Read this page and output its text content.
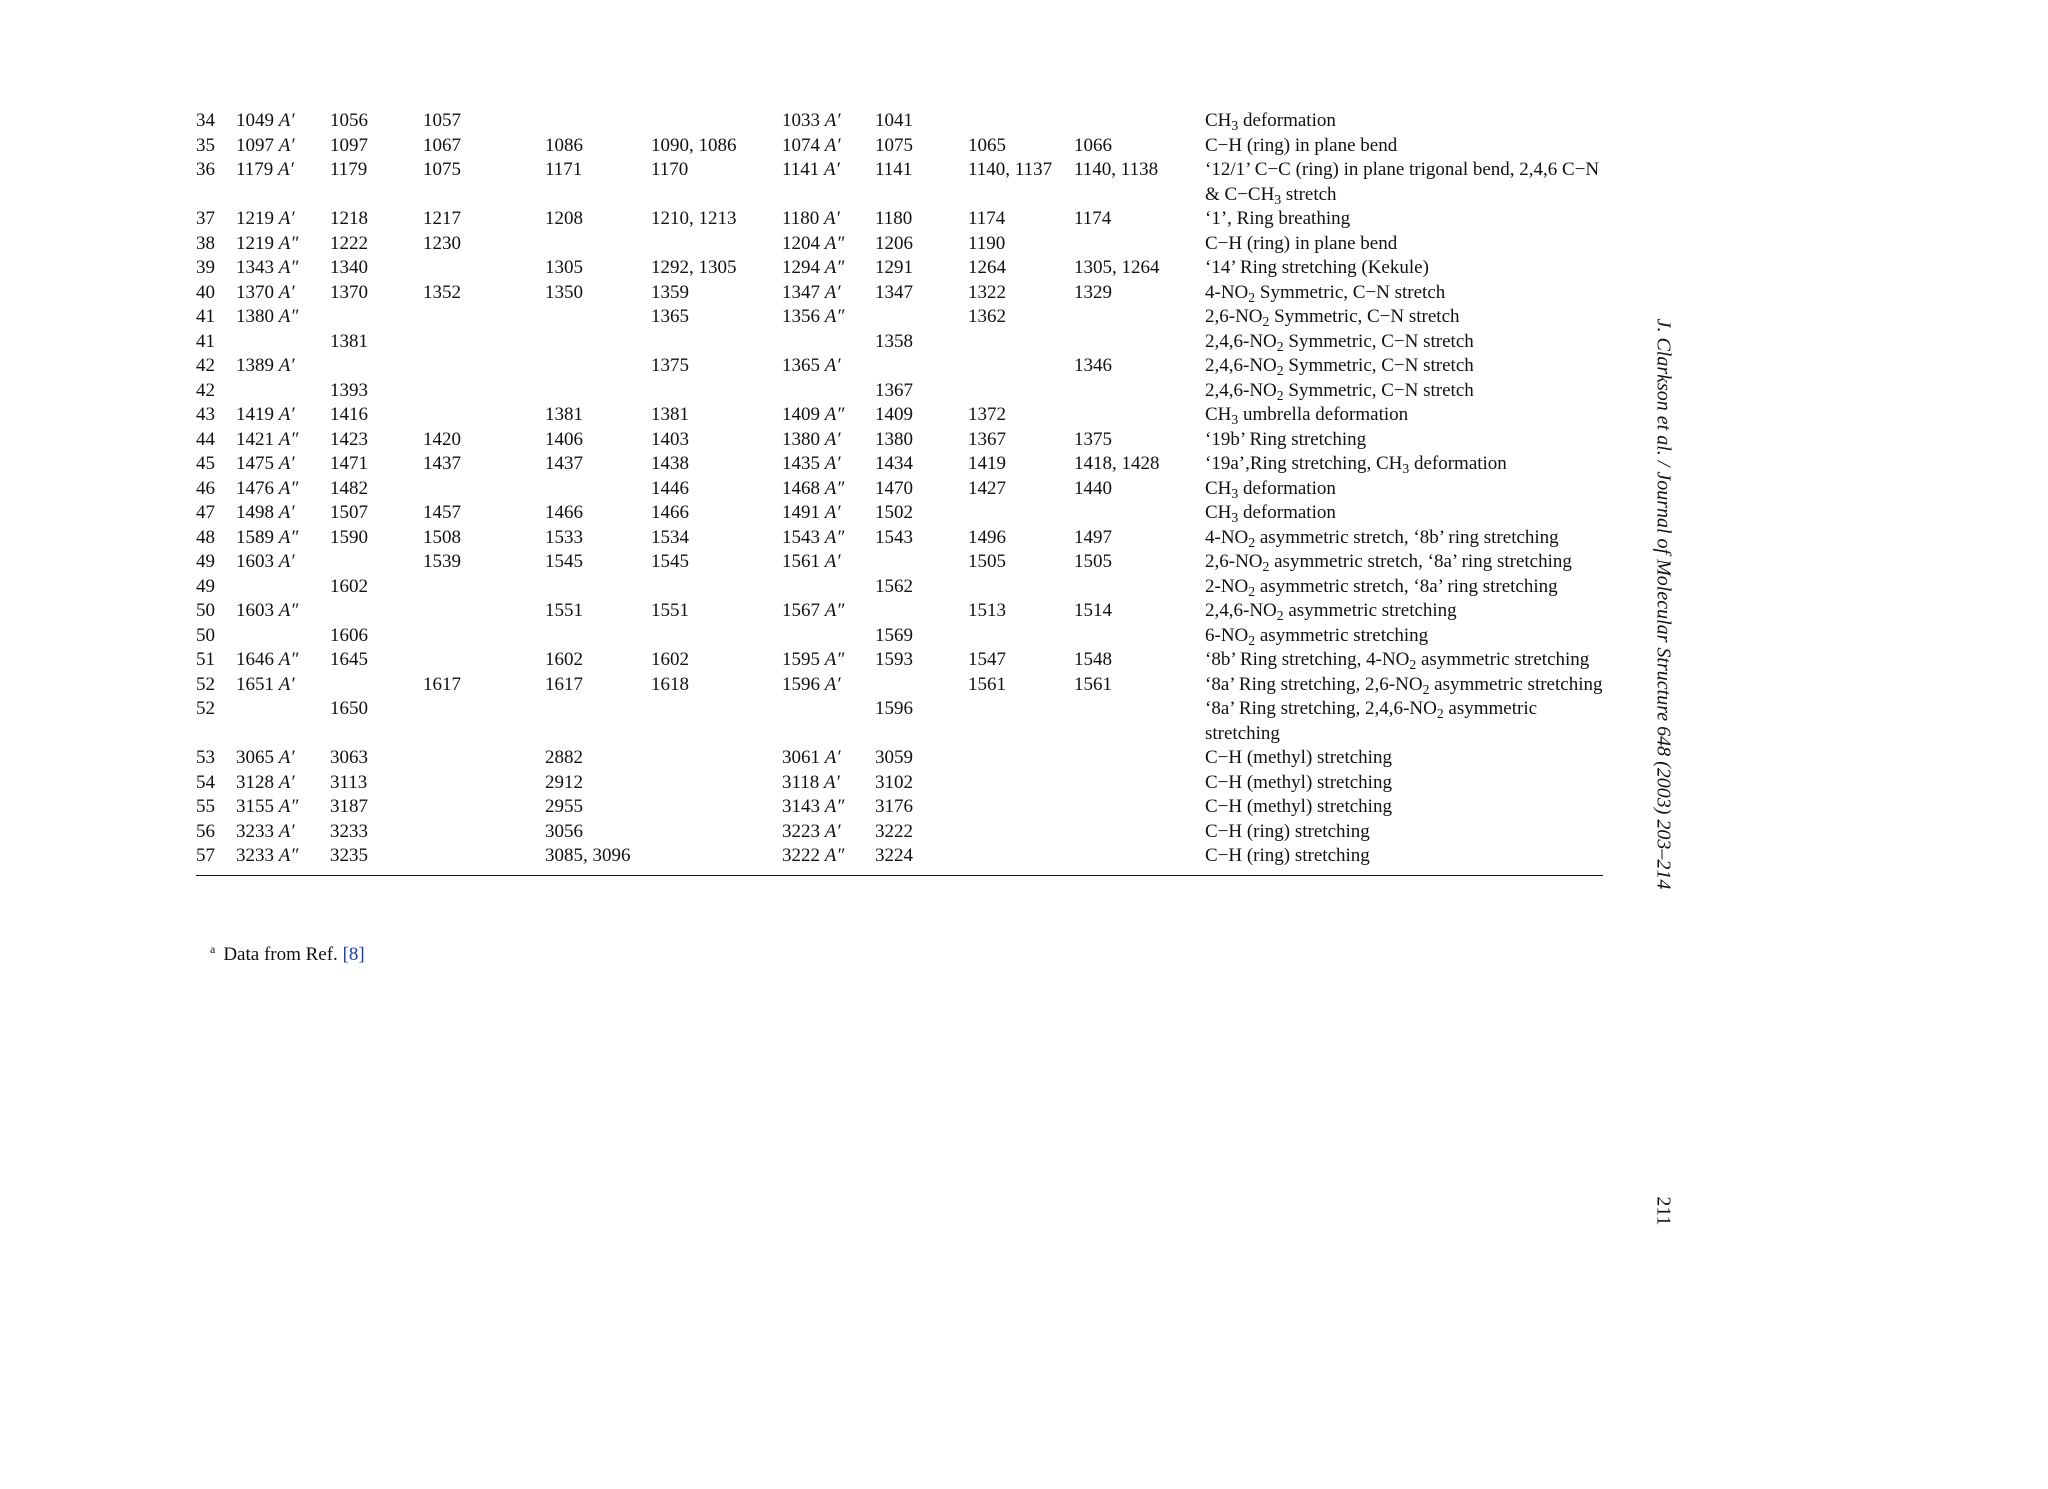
J. Clarkson et al. / Journal of Molecular Structure 648 (2003) 203–214
211
34	1049 A′	1056	1057			1033 A′	1041			$CH_3$ deformation
35	1097 A′	1097	1067	1086	1090, 1086	1074 A′	1075	1065	1066	C−H (ring) in plane bend
36	1179 A′	1179	1075	1171	1170	1141 A′	1141	1140, 1137	1140, 1138	‘12/1’ C−C (ring) in plane trigonal bend, 2,4,6 C−N & $C-CH_3$ stretch
37	1219 A′	1218	1217	1208	1210, 1213	1180 A′	1180	1174	1174	‘1’, Ring breathing
38	1219 A″	1222	1230			1204 A″	1206	1190		C−H (ring) in plane bend
39	1343 A″	1340		1305	1292, 1305	1294 A″	1291	1264	1305, 1264	‘14’ Ring stretching (Kekule)
40	1370 A′	1370	1352	1350	1359	1347 A′	1347	1322	1329	$4-NO_2$ Symmetric, C−N stretch
41	1380 A″				1365	1356 A″		1362		$2,6-NO_2$ Symmetric, C−N stretch
41		1381					1358			$2,4,6-NO_2$ Symmetric, C−N stretch
42	1389 A′				1375	1365 A′			1346	$2,4,6-NO_2$ Symmetric, C−N stretch
42		1393					1367			$2,4,6-NO_2$ Symmetric, C−N stretch
43	1419 A′	1416		1381	1381	1409 A″	1409	1372		$CH_3$ umbrella deformation
44	1421 A″	1423	1420	1406	1403	1380 A′	1380	1367	1375	‘19b’ Ring stretching
45	1475 A′	1471	1437	1437	1438	1435 A′	1434	1419	1418, 1428	‘19a’,Ring stretching, $CH_3$ deformation
46	1476 A″	1482			1446	1468 A″	1470	1427	1440	$CH_3$ deformation
47	1498 A′	1507	1457	1466	1466	1491 A′	1502			$CH_3$ deformation
48	1589 A″	1590	1508	1533	1534	1543 A″	1543	1496	1497	$4-NO_2$ asymmetric stretch, ‘8b’ ring stretching
49	1603 A′		1539	1545	1545	1561 A′		1505	1505	$2,6-NO_2$ asymmetric stretch, ‘8a’ ring stretching
49		1602					1562			$2-NO_2$ asymmetric stretch, ‘8a’ ring stretching
50	1603 A″			1551	1551	1567 A″		1513	1514	$2,4,6-NO_2$ asymmetric stretching
50		1606					1569			$6-NO_2$ asymmetric stretching
51	1646 A″	1645		1602	1602	1595 A″	1593	1547	1548	‘8b’ Ring stretching, $4-NO_2$ asymmetric stretching
52	1651 A′		1617	1617	1618	1596 A′		1561	1561	‘8a’ Ring stretching, $2,6-NO_2$ asymmetric stretching
52		1650					1596			‘8a’ Ring stretching, $2,4,6-NO_2$ asymmetric stretching
53	3065 A′	3063		2882		3061 A′	3059			C−H (methyl) stretching
54	3128 A′	3113		2912		3118 A′	3102			C−H (methyl) stretching
55	3155 A″	3187		2955		3143 A″	3176			C−H (methyl) stretching
56	3233 A′	3233		3056		3223 A′	3222			C−H (ring) stretching
57	3233 A″	3235		3085, 3096		3222 A″	3224			C−H (ring) stretching
$^a$ Data from Ref. [8]
